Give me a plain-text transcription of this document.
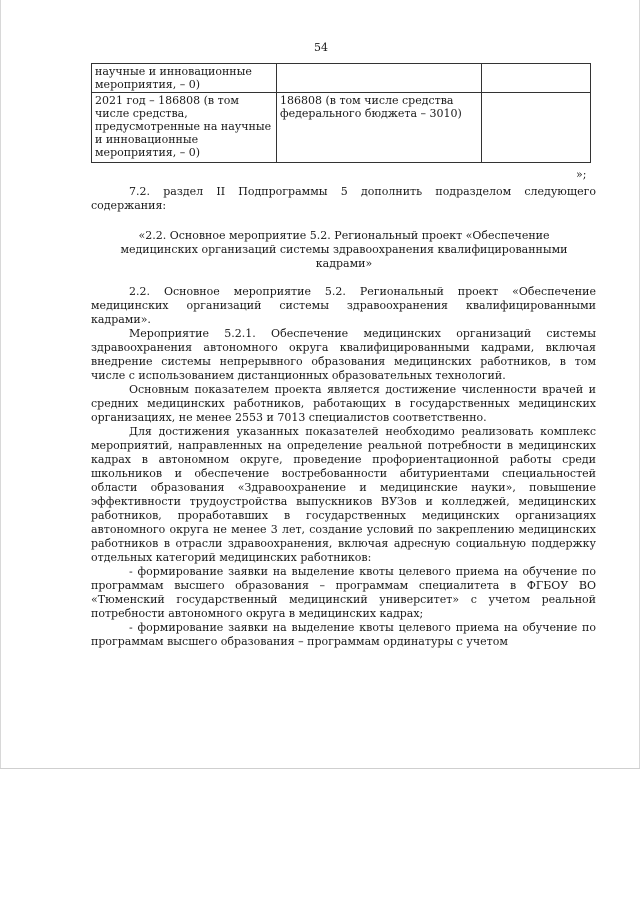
54
научные и инновационные мероприятия, – 0)		
2021 год – 186808 (в том числе средства, предусмотренные на научные и инновационные мероприятия, – 0)	186808 (в том числе средства федерального бюджета – 3010)	
»;

7.2. раздел II Подпрограммы 5 дополнить подразделом следующего содержания:

«2.2. Основное мероприятие 5.2. Региональный проект «Обеспечение медицинских организаций системы здравоохранения квалифицированными кадрами»

2.2. Основное мероприятие 5.2. Региональный проект «Обеспечение медицинских организаций системы здравоохранения квалифицированными кадрами».

Мероприятие 5.2.1. Обеспечение медицинских организаций системы здравоохранения автономного округа квалифицированными кадрами, включая внедрение системы непрерывного образования медицинских работников, в том числе с использованием дистанционных образовательных технологий.

Основным показателем проекта является достижение численности врачей и средних медицинских работников, работающих в государственных медицинских организациях, не менее 2553 и 7013 специалистов соответственно.

Для достижения указанных показателей необходимо реализовать комплекс мероприятий, направленных на определение реальной потребности в медицинских кадрах в автономном округе, проведение профориентационной работы среди школьников и обеспечение востребованности абитуриентами специальностей области образования «Здравоохранение и медицинские науки», повышение эффективности трудоустройства выпускников ВУЗов и колледжей, медицинских работников, проработавших в государственных медицинских организациях автономного округа не менее 3 лет, создание условий по закреплению медицинских работников в отрасли здравоохранения, включая адресную социальную поддержку отдельных категорий медицинских работников:

- формирование заявки на выделение квоты целевого приема на обучение по программам высшего образования – программам специалитета в ФГБОУ ВО «Тюменский государственный медицинский университет» с учетом реальной потребности автономного округа в медицинских кадрах;

- формирование заявки на выделение квоты целевого приема на обучение по программам высшего образования – программам ординатуры с учетом
